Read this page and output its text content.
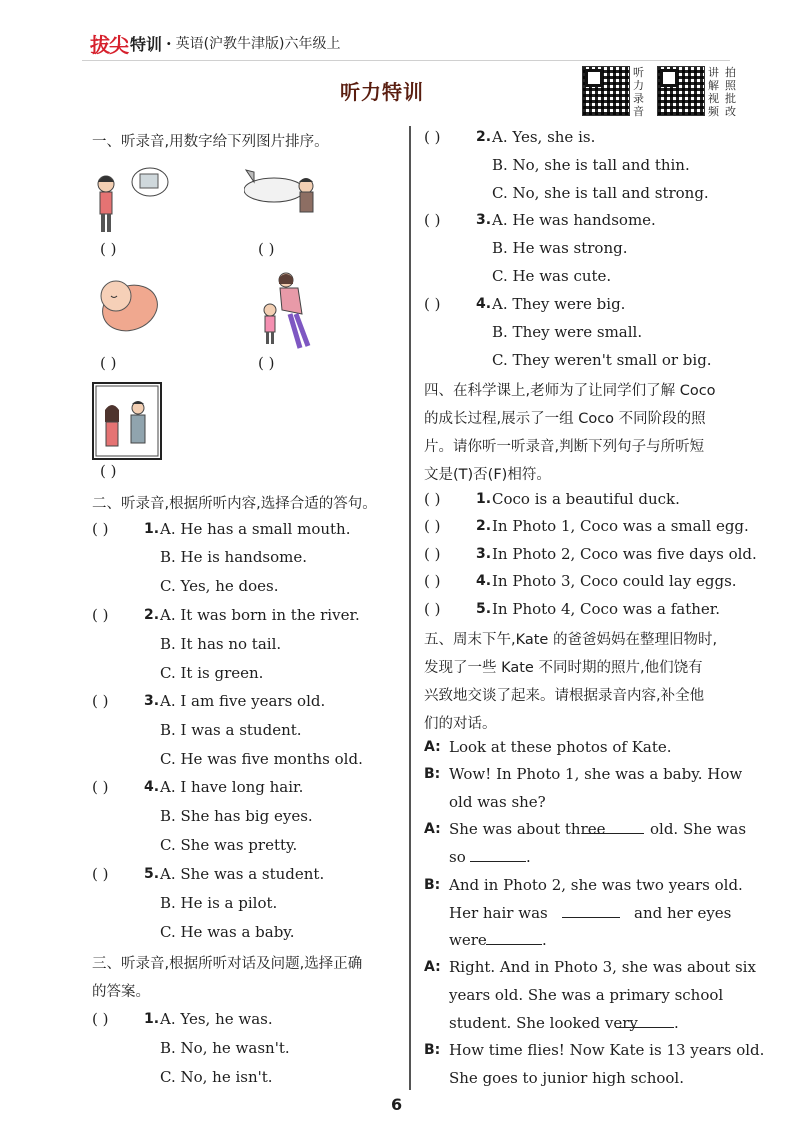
拔尖 特训 · 英语(沪教牛津版)六年级上
听力特训
听力录音
讲解视频
拍照批改
一、听录音,用数字给下列图片排序。
( )	( )
( )	( )
( )
二、听录音,根据所听内容,选择合适的答句。
( )	1. A. He has a small mouth.
B. He is handsome.
C. Yes, he does.
( )	2. A. It was born in the river.
B. It has no tail.
C. It is green.
( )	3. A. I am five years old.
B. I was a student.
C. He was five months old.
( )	4. A. I have long hair.
B. She has big eyes.
C. She was pretty.
( )	5. A. She was a student.
B. He is a pilot.
C. He was a baby.
三、听录音,根据所听对话及问题,选择正确
的答案。
( )	1. A. Yes, he was.
B. No, he wasn't.
C. No, he isn't.
( )	2. A. Yes, she is.
B. No, she is tall and thin.
C. No, she is tall and strong.
( )	3. A. He was handsome.
B. He was strong.
C. He was cute.
( )	4. A. They were big.
B. They were small.
C. They weren't small or big.
四、在科学课上,老师为了让同学们了解 Coco
的成长过程,展示了一组 Coco 不同阶段的照
片。请你听一听录音,判断下列句子与所听短
文是(T)否(F)相符。
( )	1. Coco is a beautiful duck.
( )	2. In Photo 1, Coco was a small egg.
( )	3. In Photo 2, Coco was five days old.
( )	4. In Photo 3, Coco could lay eggs.
( )	5. In Photo 4, Coco was a father.
五、周末下午,Kate 的爸爸妈妈在整理旧物时,
发现了一些 Kate 不同时期的照片,他们饶有
兴致地交谈了起来。请根据录音内容,补全他
们的对话。
A: Look at these photos of Kate.
B: Wow! In Photo 1, she was a baby. How
old was she?
A: She was about three	old. She was
so	.
B: And in Photo 2, she was two years old.
Her hair was	and her eyes
were	.
A: Right. And in Photo 3, she was about six
years old. She was a primary school
student. She looked very	.
B: How time flies! Now Kate is 13 years old.
She goes to junior high school.
6
